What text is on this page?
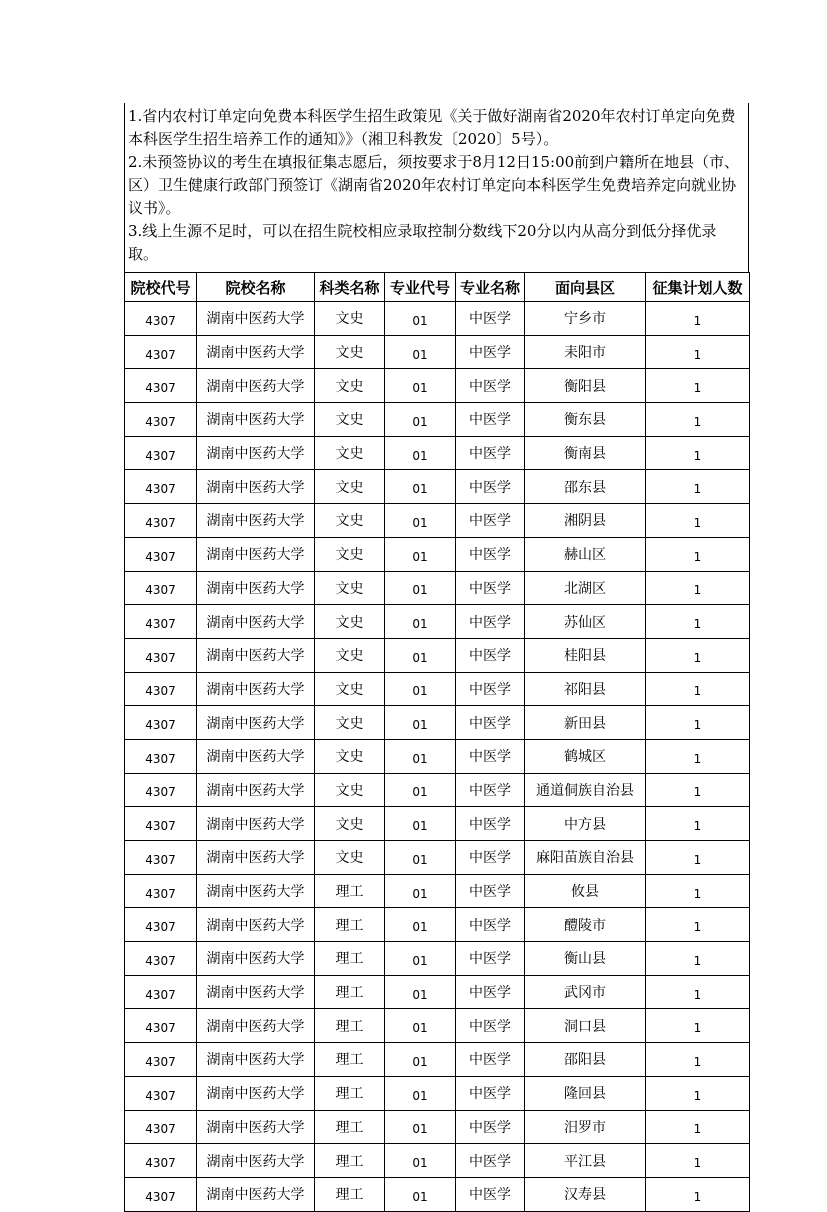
1.省内农村订单定向免费本科医学生招生政策见《关于做好湖南省2020年农村订单定向免费本科医学生招生培养工作的通知》》（湘卫科教发〔2020〕5号）。

2.未预签协议的考生在填报征集志愿后，须按要求于8月12日15:00前到户籍所在地县（市、区）卫生健康行政部门预签订《湖南省2020年农村订单定向本科医学生免费培养定向就业协议书》。

3.线上生源不足时，可以在招生院校相应录取控制分数线下20分以内从高分到低分择优录取。

院校代号	院校名称	科类名称	专业代号	专业名称	面向县区	征集计划人数
4307	湖南中医药大学	文史	01	中医学	宁乡市	1
4307	湖南中医药大学	文史	01	中医学	耒阳市	1
4307	湖南中医药大学	文史	01	中医学	衡阳县	1
4307	湖南中医药大学	文史	01	中医学	衡东县	1
4307	湖南中医药大学	文史	01	中医学	衡南县	1
4307	湖南中医药大学	文史	01	中医学	邵东县	1
4307	湖南中医药大学	文史	01	中医学	湘阴县	1
4307	湖南中医药大学	文史	01	中医学	赫山区	1
4307	湖南中医药大学	文史	01	中医学	北湖区	1
4307	湖南中医药大学	文史	01	中医学	苏仙区	1
4307	湖南中医药大学	文史	01	中医学	桂阳县	1
4307	湖南中医药大学	文史	01	中医学	祁阳县	1
4307	湖南中医药大学	文史	01	中医学	新田县	1
4307	湖南中医药大学	文史	01	中医学	鹤城区	1
4307	湖南中医药大学	文史	01	中医学	通道侗族自治县	1
4307	湖南中医药大学	文史	01	中医学	中方县	1
4307	湖南中医药大学	文史	01	中医学	麻阳苗族自治县	1
4307	湖南中医药大学	理工	01	中医学	攸县	1
4307	湖南中医药大学	理工	01	中医学	醴陵市	1
4307	湖南中医药大学	理工	01	中医学	衡山县	1
4307	湖南中医药大学	理工	01	中医学	武冈市	1
4307	湖南中医药大学	理工	01	中医学	洞口县	1
4307	湖南中医药大学	理工	01	中医学	邵阳县	1
4307	湖南中医药大学	理工	01	中医学	隆回县	1
4307	湖南中医药大学	理工	01	中医学	汨罗市	1
4307	湖南中医药大学	理工	01	中医学	平江县	1
4307	湖南中医药大学	理工	01	中医学	汉寿县	1
